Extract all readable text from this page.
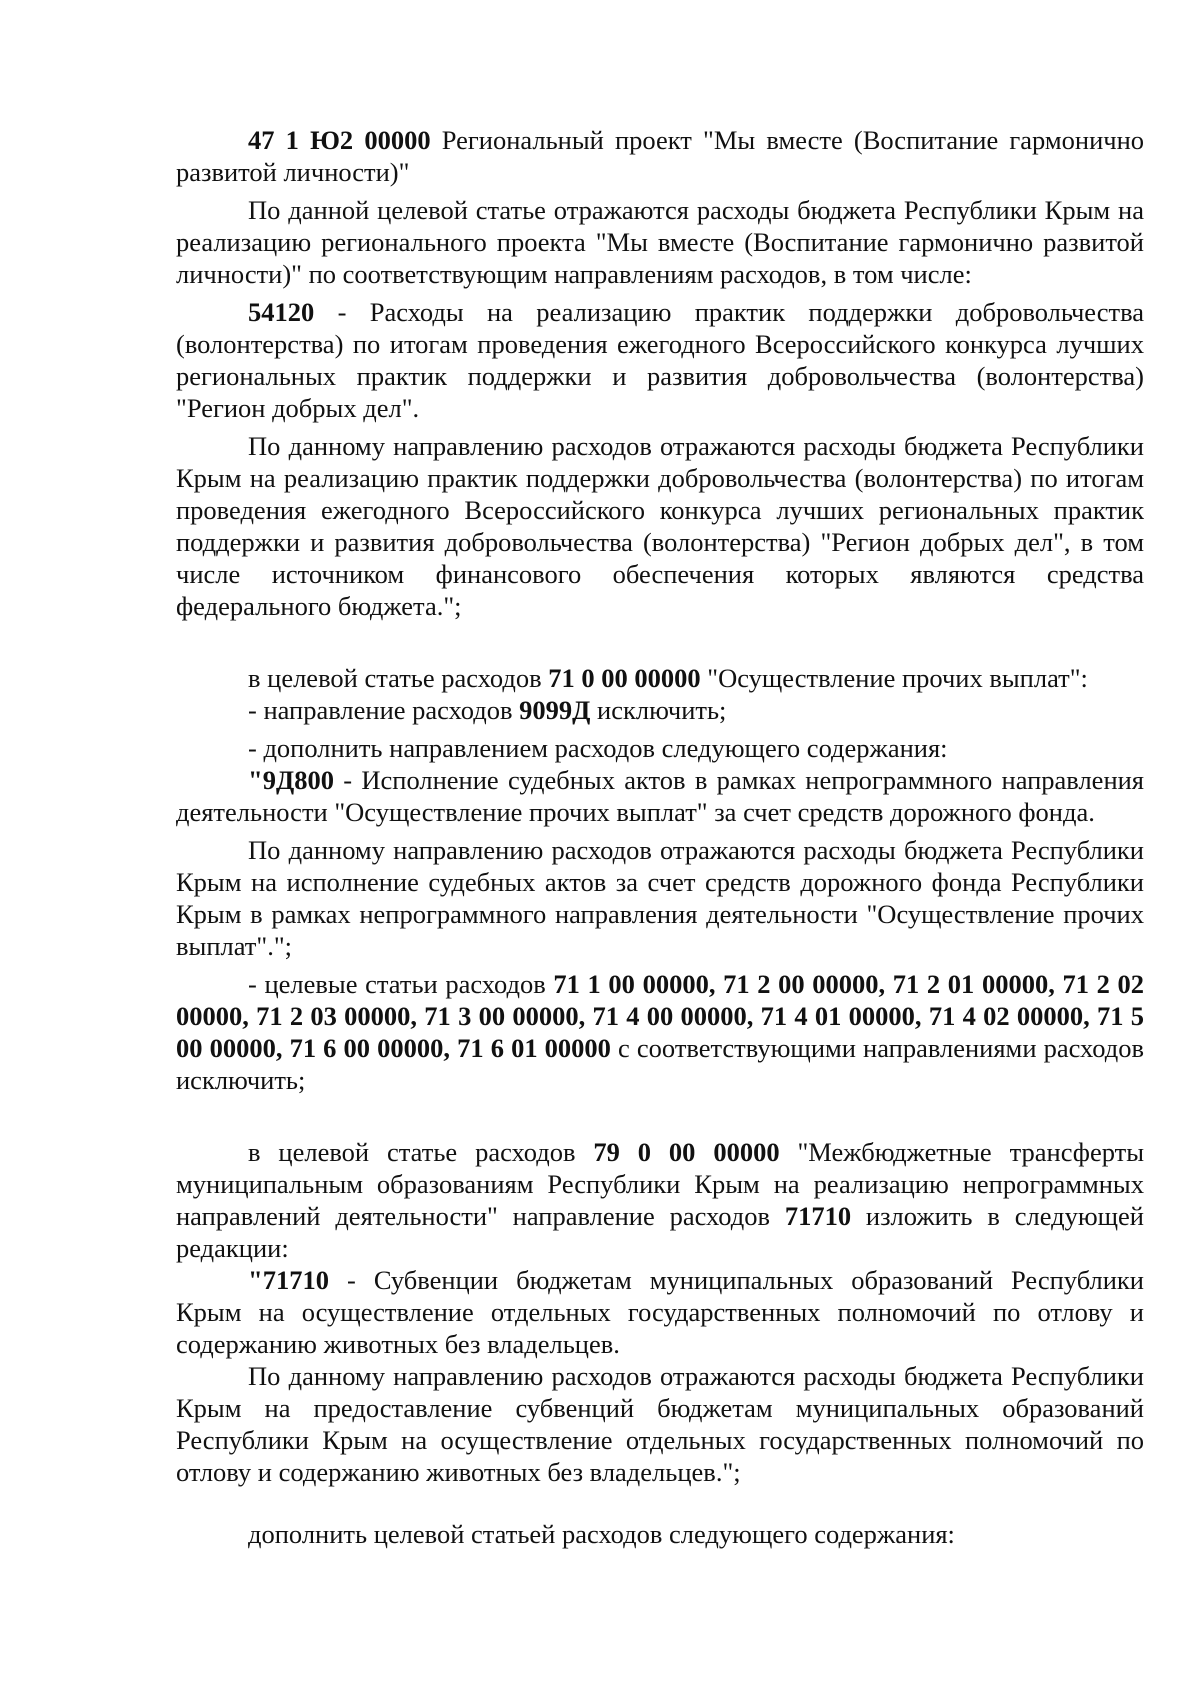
47 1 Ю2 00000 Региональный проект "Мы вместе (Воспитание гармонично развитой личности)"

По данной целевой статье отражаются расходы бюджета Республики Крым на реализацию регионального проекта "Мы вместе (Воспитание гармонично развитой личности)" по соответствующим направлениям расходов, в том числе:

54120 - Расходы на реализацию практик поддержки добровольчества (волонтерства) по итогам проведения ежегодного Всероссийского конкурса лучших региональных практик поддержки и развития добровольчества (волонтерства) "Регион добрых дел".

По данному направлению расходов отражаются расходы бюджета Республики Крым на реализацию практик поддержки добровольчества (волонтерства) по итогам проведения ежегодного Всероссийского конкурса лучших региональных практик поддержки и развития добровольчества (волонтерства) "Регион добрых дел", в том числе источником финансового обеспечения которых являются средства федерального бюджета.";

в целевой статье расходов 71 0 00 00000 "Осуществление прочих выплат":

- направление расходов 9099Д исключить;

- дополнить направлением расходов следующего содержания:

"9Д800 - Исполнение судебных актов в рамках непрограммного направления деятельности "Осуществление прочих выплат" за счет средств дорожного фонда.

По данному направлению расходов отражаются расходы бюджета Республики Крым на исполнение судебных актов за счет средств дорожного фонда Республики Крым в рамках непрограммного направления деятельности "Осуществление прочих выплат".";

- целевые статьи расходов 71 1 00 00000, 71 2 00 00000, 71 2 01 00000, 71 2 02 00000, 71 2 03 00000, 71 3 00 00000, 71 4 00 00000, 71 4 01 00000, 71 4 02 00000, 71 5 00 00000, 71 6 00 00000, 71 6 01 00000 с соответствующими направлениями расходов исключить;

в целевой статье расходов 79 0 00 00000 "Межбюджетные трансферты муниципальным образованиям Республики Крым на реализацию непрограммных направлений деятельности" направление расходов 71710 изложить в следующей редакции:

"71710 - Субвенции бюджетам муниципальных образований Республики Крым на осуществление отдельных государственных полномочий по отлову и содержанию животных без владельцев.

По данному направлению расходов отражаются расходы бюджета Республики Крым на предоставление субвенций бюджетам муниципальных образований Республики Крым на осуществление отдельных государственных полномочий по отлову и содержанию животных без владельцев.";

дополнить целевой статьей расходов следующего содержания:
